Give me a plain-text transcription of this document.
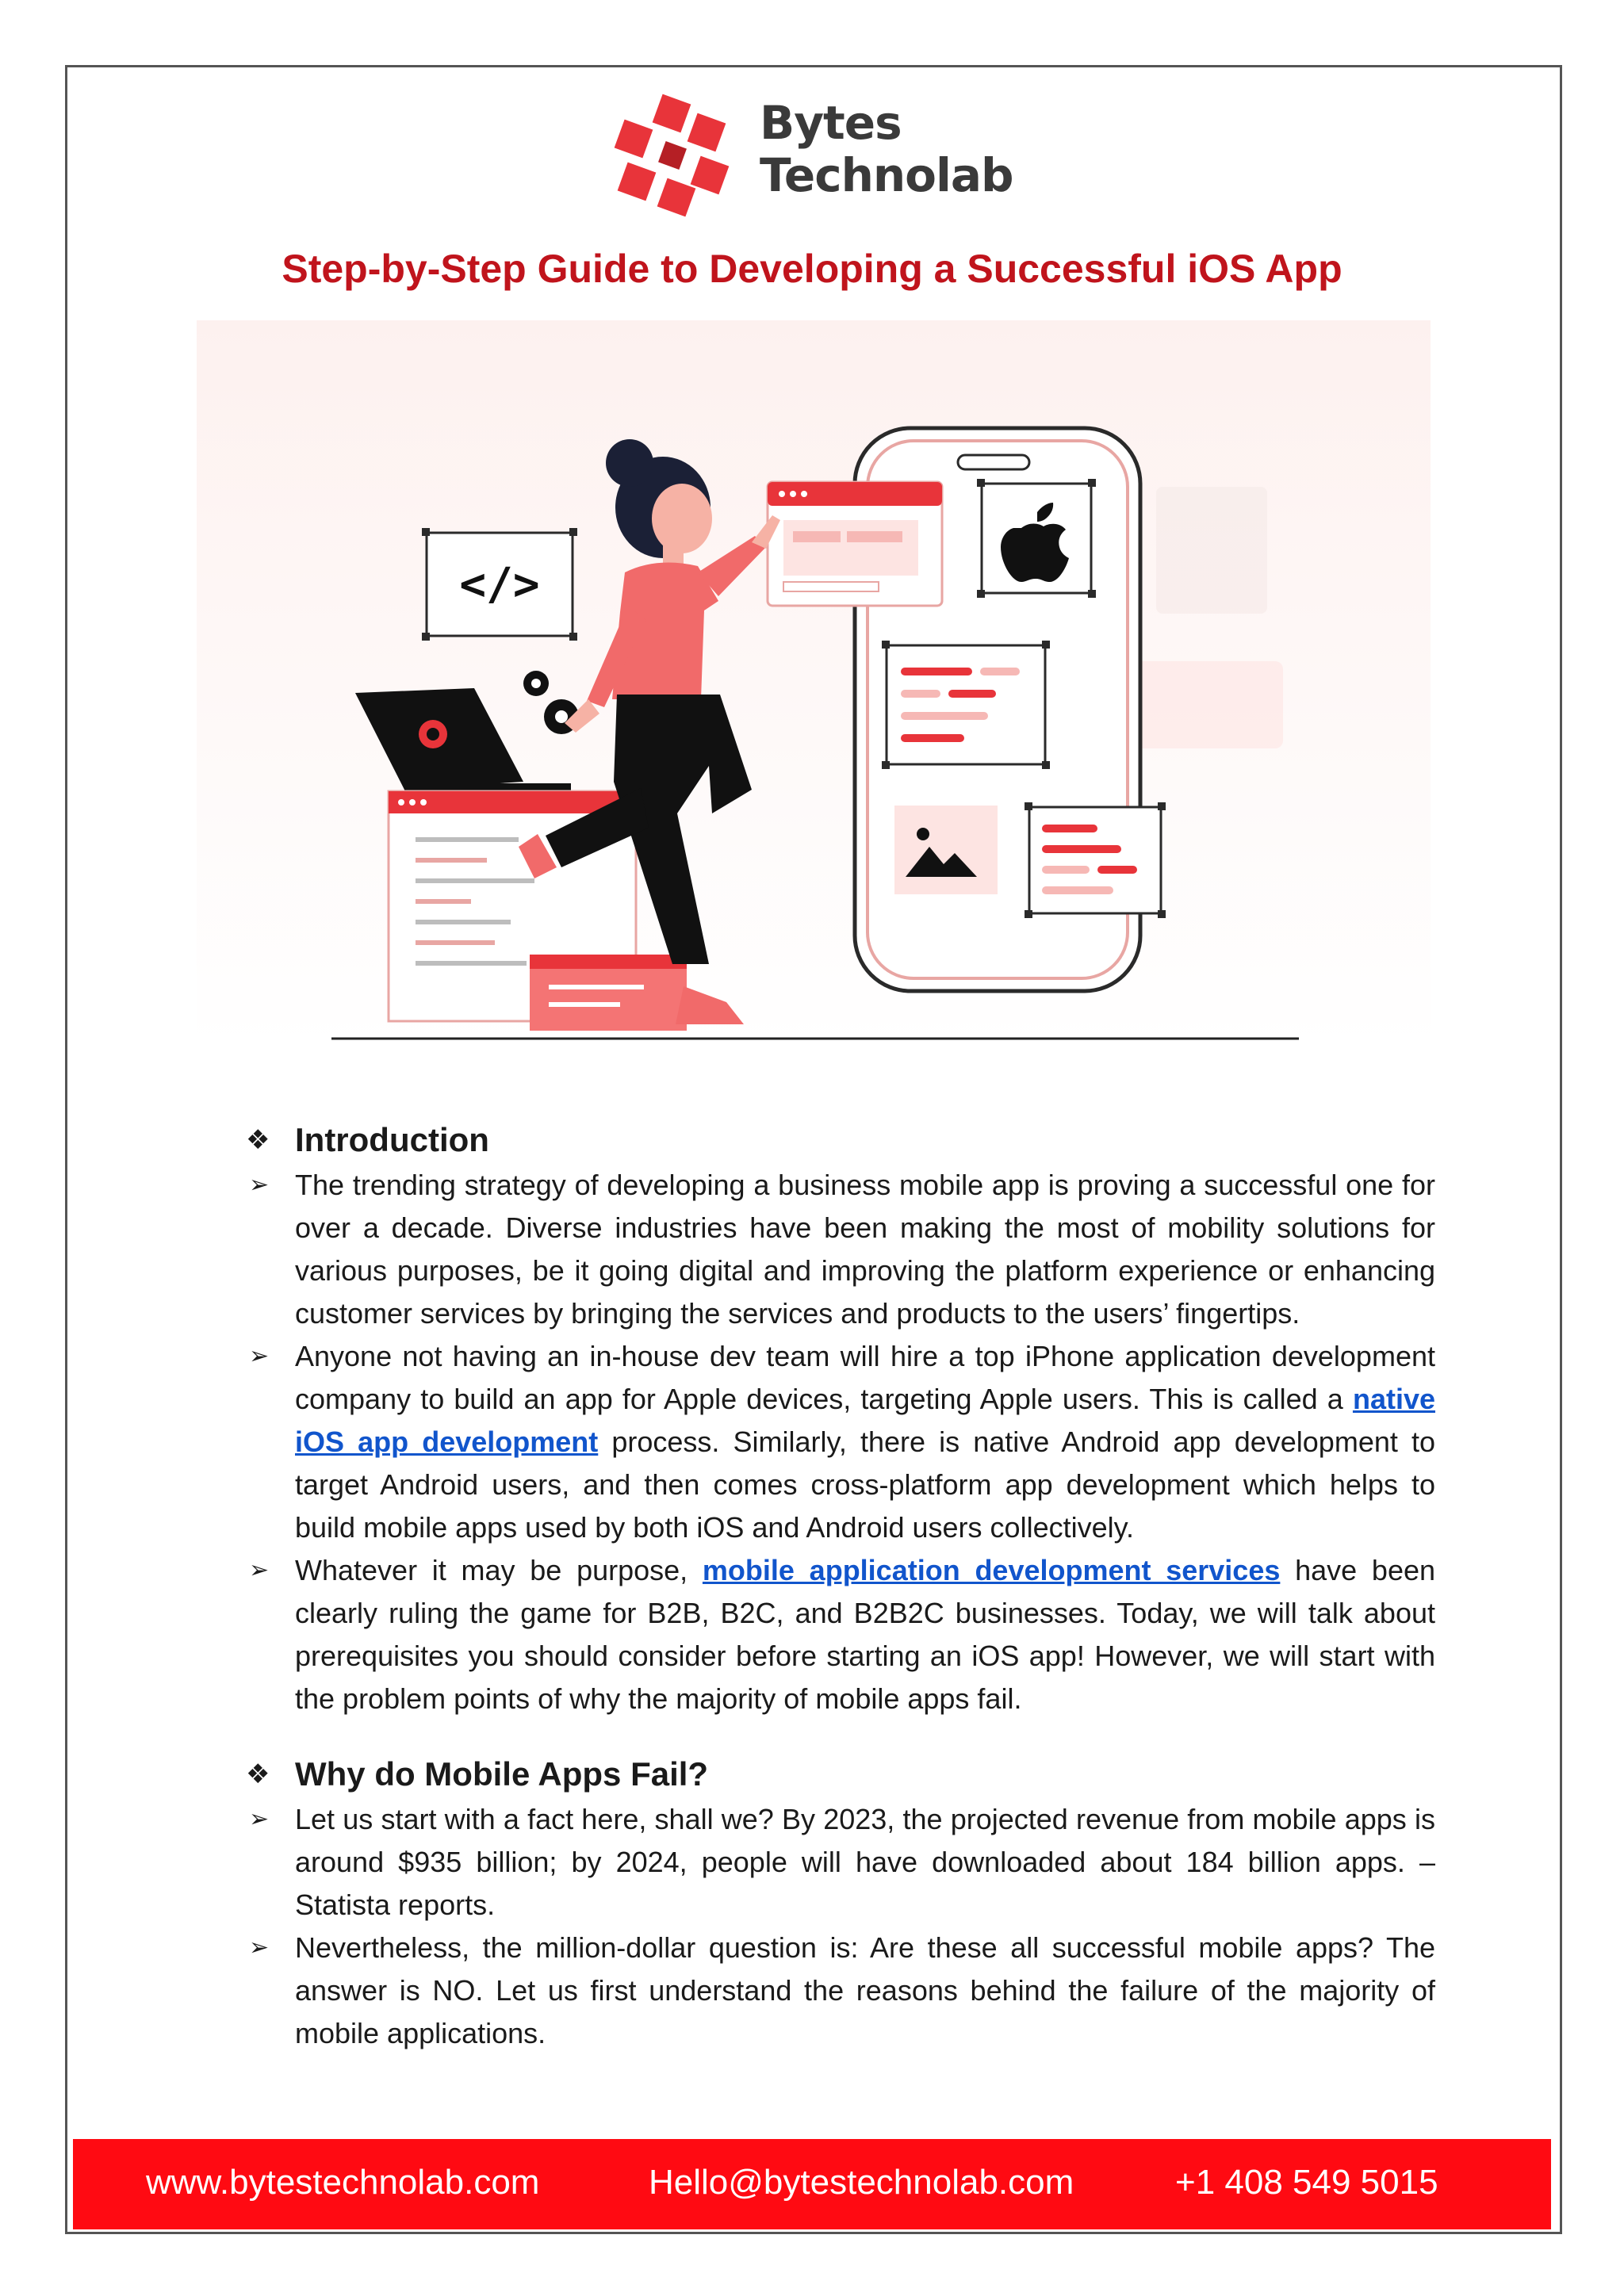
Bytes
Technolab
Step-by-Step Guide to Developing a Successful iOS App
</>
❖ Introduction
➢ The trending strategy of developing a business mobile app is proving a successful one for over a decade. Diverse industries have been making the most of mobility solutions for various purposes, be it going digital and improving the platform experience or enhancing customer services by bringing the services and products to the users’ fingertips.
➢ Anyone not having an in-house dev team will hire a top iPhone application development company to build an app for Apple devices, targeting Apple users. This is called a native iOS app development process. Similarly, there is native Android app development to target Android users, and then comes cross-platform app development which helps to build mobile apps used by both iOS and Android users collectively.
➢ Whatever it may be purpose, mobile application development services have been clearly ruling the game for B2B, B2C, and B2B2C businesses. Today, we will talk about prerequisites you should consider before starting an iOS app! However, we will start with the problem points of why the majority of mobile apps fail.
❖ Why do Mobile Apps Fail?
➢ Let us start with a fact here, shall we? By 2023, the projected revenue from mobile apps is around $935 billion; by 2024, people will have downloaded about 184 billion apps. – Statista reports.
➢ Nevertheless, the million-dollar question is: Are these all successful mobile apps? The answer is NO. Let us first understand the reasons behind the failure of the majority of mobile applications.
www.bytestechnolab.com	Hello@bytestechnolab.com	+1 408 549 5015
